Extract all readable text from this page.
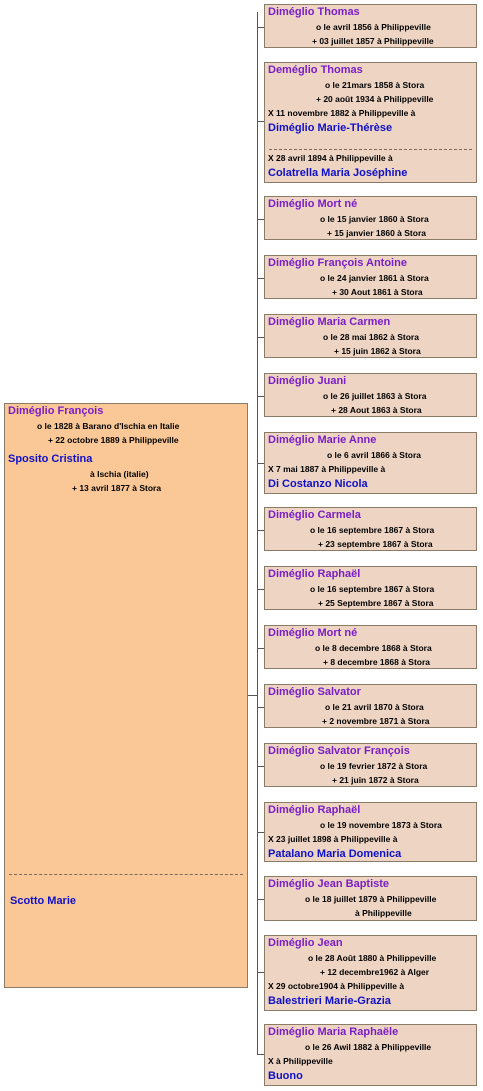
Diméglio François
o le 1828 à Barano d'Ischia en Italie
+ 22 octobre 1889 à Philippeville
Sposito Cristina
à Ischia (italie)
+ 13 avril 1877 à Stora
Scotto Marie
Diméglio Thomas
o le avril 1856 à Philippeville
+ 03 juillet 1857 à Philippeville
Deméglio Thomas
o le 21mars 1858 à Stora
+ 20 août 1934 à Philippeville
X 11 novembre 1882 à Philippeville à
Diméglio Marie-Thérèse
X 28 avril 1894 à Philippeville à
Colatrella Maria Joséphine
Diméglio Mort né
o le 15 janvier 1860 à Stora
+ 15 janvier 1860 à Stora
Diméglio François Antoine
o le 24 janvier 1861 à Stora
+ 30 Aout 1861 à Stora
Diméglio Maria Carmen
o le 28 mai 1862 à Stora
+ 15 juin 1862 à Stora
Diméglio Juani
o le 26 juillet 1863 à Stora
+ 28 Aout 1863 à Stora
Diméglio Marie Anne
o le 6 avril 1866 à Stora
X 7 mai 1887 à Philippeville à
Di Costanzo Nicola
Diméglio Carmela
o le 16 septembre 1867 à Stora
+ 23 septembre 1867 à Stora
Diméglio Raphaël
o le 16 septembre 1867 à Stora
+ 25 Septembre 1867 à Stora
Diméglio Mort né
o le 8 decembre 1868 à Stora
+ 8 decembre 1868 à Stora
Diméglio Salvator
o le 21 avril 1870 à Stora
+ 2 novembre 1871 à Stora
Diméglio Salvator François
o le 19 fevrier 1872 à Stora
+ 21 juin 1872 à Stora
Diméglio Raphaël
o le 19 novembre 1873 à Stora
X 23 juillet 1898 à Philippeville à
Patalano Maria Domenica
Diméglio Jean Baptiste
o le 18 juillet 1879 à Philippeville
à Philippeville
Diméglio Jean
o le 28 Août 1880 à Philippeville
+ 12 decembre1962 à Alger
X 29 octobre1904 à Philippeville à
Balestrieri Marie-Grazia
Diméglio Maria Raphaële
o le 26 Awil 1882 à Philippeville
X à Philippeville
Buono
